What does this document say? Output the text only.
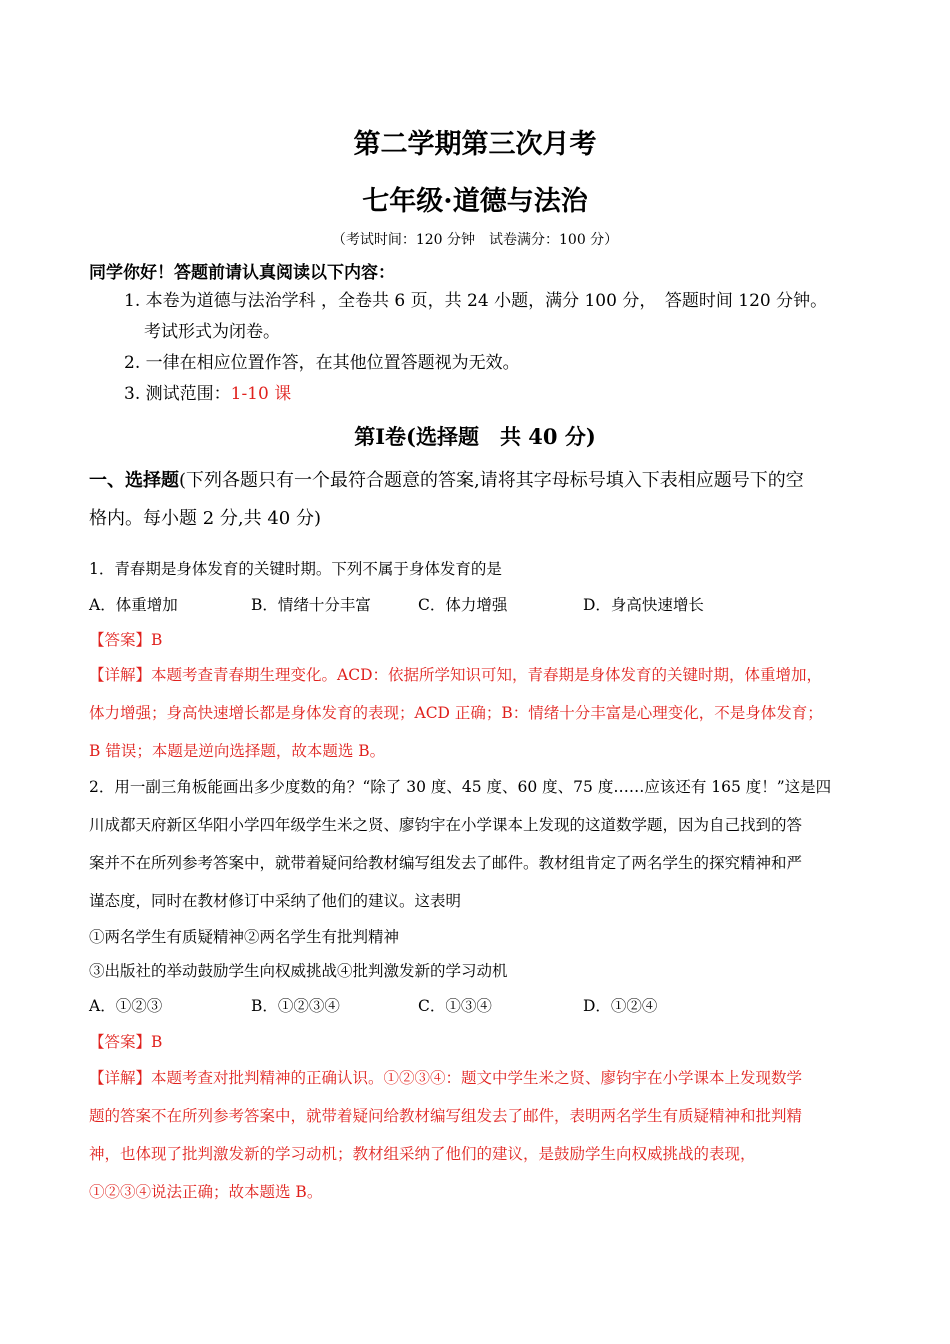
第二学期第三次月考
七年级·道德与法治
（考试时间：120 分钟　试卷满分：100 分）
同学你好！答题前请认真阅读以下内容：
1. 本卷为道德与法治学科 ，全卷共 6 页，共 24 小题，满分 100 分，　答题时间 120 分钟。
考试形式为闭卷。
2. 一律在相应位置作答，在其他位置答题视为无效。
3. 测试范围：1-10 课
第Ⅰ卷(选择题　共 40 分)
一、选择题(下列各题只有一个最符合题意的答案,请将其字母标号填入下表相应题号下的空
格内。每小题 2 分,共 40 分)
1．青春期是身体发育的关键时期。下列不属于身体发育的是
A．体重增加	B．情绪十分丰富	C．体力增强	D．身高快速增长
【答案】B
【详解】本题考查青春期生理变化。ACD：依据所学知识可知，青春期是身体发育的关键时期，体重增加，
体力增强；身高快速增长都是身体发育的表现；ACD 正确；B：情绪十分丰富是心理变化，不是身体发育；
B 错误；本题是逆向选择题，故本题选 B。
2．用一副三角板能画出多少度数的角？“除了 30 度、45 度、60 度、75 度……应该还有 165 度！”这是四
川成都天府新区华阳小学四年级学生米之贤、廖钧宇在小学课本上发现的这道数学题，因为自己找到的答
案并不在所列参考答案中，就带着疑问给教材编写组发去了邮件。教材组肯定了两名学生的探究精神和严
谨态度，同时在教材修订中采纳了他们的建议。这表明
①两名学生有质疑精神②两名学生有批判精神
③出版社的举动鼓励学生向权威挑战④批判激发新的学习动机
A．①②③	B．①②③④	C．①③④	D．①②④
【答案】B
【详解】本题考查对批判精神的正确认识。①②③④：题文中学生米之贤、廖钧宇在小学课本上发现数学
题的答案不在所列参考答案中，就带着疑问给教材编写组发去了邮件，表明两名学生有质疑精神和批判精
神，也体现了批判激发新的学习动机；教材组采纳了他们的建议，是鼓励学生向权威挑战的表现，
①②③④说法正确；故本题选 B。
